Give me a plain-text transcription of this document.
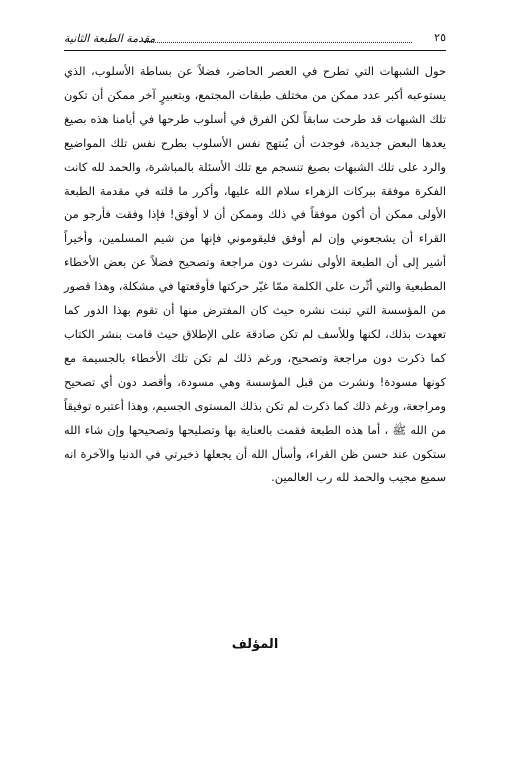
٢٥
مقدمة الطبعة الثانية

حول الشبهات التي تطرح في العصر الحاضر، فضلاً عن بساطة الأسلوب، الذي يستوعبه أكبر عدد ممكن من مختلف طبقات المجتمع، وبتعبيرٍ آخر ممكن أن تكون تلك الشبهات قد طرحت سابقاً لكن الفرق في أسلوب طرحها في أيامنا هذه بصيغ يعدها البعض جديدة، فوجدت أن يُنتهج نفس الأسلوب بطرح نفس تلك المواضيع والرد على تلك الشبهات بصيغ تنسجم مع تلك الأسئلة بالمباشرة، والحمد لله كانت الفكرة موفقة ببركات الزهراء سلام الله عليها، وأكرر ما قلته في مقدمة الطبعة الأولى ممكن أن أكون موفقاً في ذلك وممكن أن لا أوفق! فإذا وفقت فأرجو من القراء أن يشجعوني وإن لم أوفق فليقوموني فإنها من شيم المسلمين، وأخيراً أشير إلى أن الطبعة الأولى نشرت دون مراجعة وتصحيح فضلاً عن بعض الأخطاء المطبعية والتي أثّرت على الكلمة ممّا غيّر حركتها فأوقعتها في مشكلة، وهذا قصور من المؤسسة التي تبنت نشره حيث كان المفترض منها أن تقوم بهذا الدور كما تعهدت بذلك، لكنها وللأسف لم تكن صادقة على الإطلاق حيث قامت بنشر الكتاب كما ذكرت دون مراجعة وتصحيح، ورغم ذلك لم تكن تلك الأخطاء بالجسيمة مع كونها مسودة! ونشرت من قبل المؤسسة وهي مسودة، وأقصد دون أي تصحيح ومراجعة، ورغم ذلك كما ذكرت لم تكن بذلك المستوى الجسيم، وهذا أعتبره توفيقاً من الله ﷺ ، أما هذه الطبعة فقمت بالعناية بها وتصليحها وتصحيحها وإن شاء الله ستكون عند حسن ظن القراء، وأسأل الله أن يجعلها ذخيرتي في الدنيا والآخرة انه سميع مجيب والحمد لله رب العالمين.

المؤلف
